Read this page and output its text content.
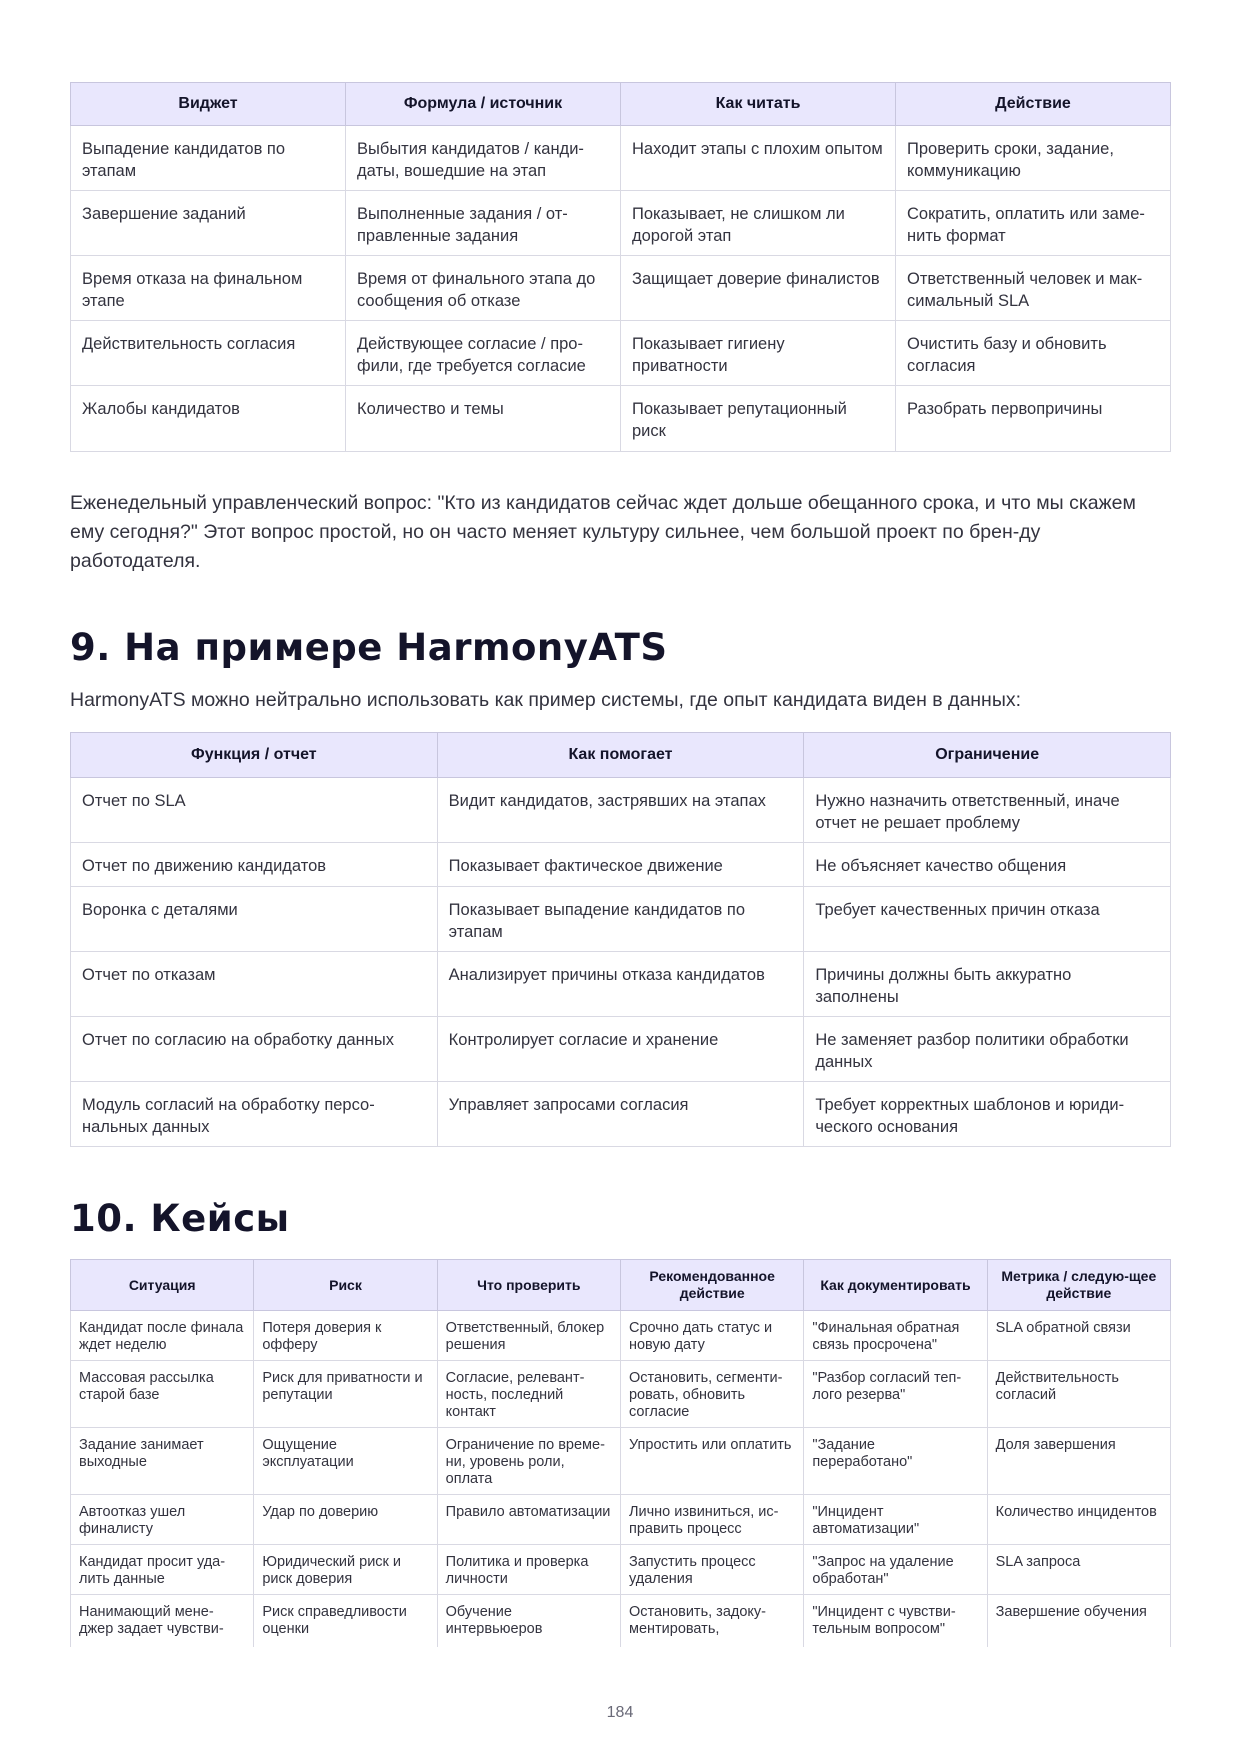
Виджет	Формула / источник	Как читать	Действие
Выпадение кандидатов по этапам	Выбытия кандидатов / канди-даты, вошедшие на этап	Находит этапы с плохим опытом	Проверить сроки, задание, коммуникацию
Завершение заданий	Выполненные задания / от-правленные задания	Показывает, не слишком ли дорогой этап	Сократить, оплатить или заме-нить формат
Время отказа на финальном этапе	Время от финального этапа до сообщения об отказе	Защищает доверие финалистов	Ответственный человек и мак-симальный SLA
Действительность согласия	Действующее согласие / про-фили, где требуется согласие	Показывает гигиену приватности	Очистить базу и обновить согласия
Жалобы кандидатов	Количество и темы	Показывает репутационный риск	Разобрать первопричины

Еженедельный управленческий вопрос: "Кто из кандидатов сейчас ждет дольше обещанного срока, и что мы скажем ему сегодня?" Этот вопрос простой, но он часто меняет культуру сильнее, чем большой проект по брен-ду работодателя.

9. На примере HarmonyATS

HarmonyATS можно нейтрально использовать как пример системы, где опыт кандидата виден в данных:

Функция / отчет	Как помогает	Ограничение
Отчет по SLA	Видит кандидатов, застрявших на этапах	Нужно назначить ответственный, иначе отчет не решает проблему
Отчет по движению кандидатов	Показывает фактическое движение	Не объясняет качество общения
Воронка с деталями	Показывает выпадение кандидатов по этапам	Требует качественных причин отказа
Отчет по отказам	Анализирует причины отказа кандидатов	Причины должны быть аккуратно заполнены
Отчет по согласию на обработку данных	Контролирует согласие и хранение	Не заменяет разбор политики обработки данных
Модуль согласий на обработку персо-нальных данных	Управляет запросами согласия	Требует корректных шаблонов и юриди-ческого основания
10. Кейсы
Ситуация	Риск	Что проверить	Рекомендованное действие	Как документировать	Метрика / следую-щее действие
Кандидат после финала ждет неделю	Потеря доверия к офферу	Ответственный, блокер решения	Срочно дать статус и новую дату	"Финальная обратная связь просрочена"	SLA обратной связи
Массовая рассылка старой базе	Риск для приватности и репутации	Согласие, релевант-ность, последний контакт	Остановить, сегменти-ровать, обновить согласие	"Разбор согласий теп-лого резерва"	Действительность согласий
Задание занимает выходные	Ощущение эксплуатации	Ограничение по време-ни, уровень роли, оплата	Упростить или оплатить	"Задание переработано"	Доля завершения
Автоотказ ушел финалисту	Удар по доверию	Правило автоматизации	Лично извиниться, ис-править процесс	"Инцидент автоматизации"	Количество инцидентов
Кандидат просит уда-лить данные	Юридический риск и риск доверия	Политика и проверка личности	Запустить процесс удаления	"Запрос на удаление обработан"	SLA запроса
Нанимающий мене-джер задает чувстви-	Риск справедливости оценки	Обучение интервьюеров	Остановить, задоку-ментировать,	"Инцидент с чувстви-тельным вопросом"	Завершение обучения
184
